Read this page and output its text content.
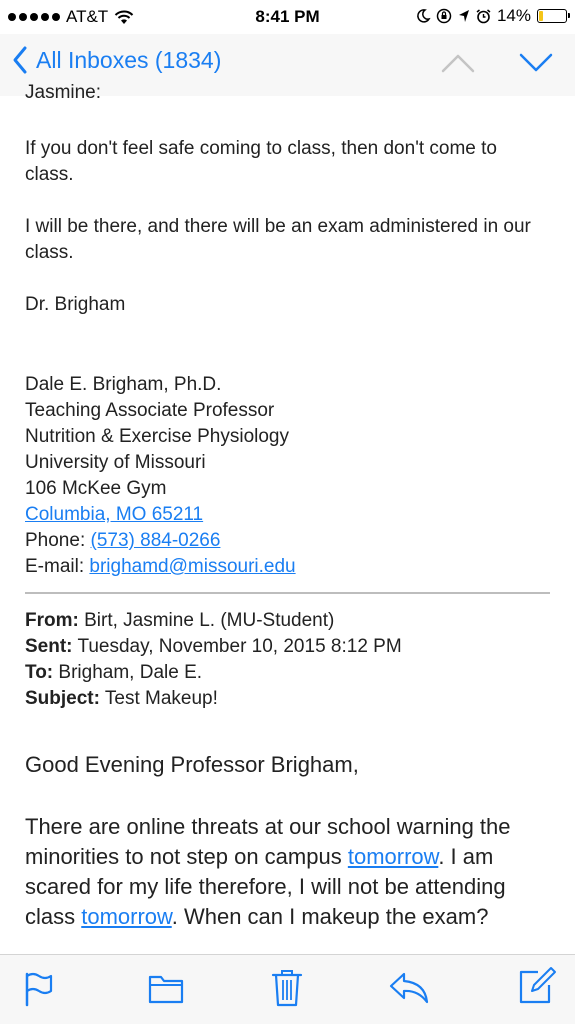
AT&T	8:41 PM	14%
All Inboxes (1834)
Jasmine:
If you don't feel safe coming to class, then don't come to class.
I will be there, and there will be an exam administered in our class.
Dr. Brigham
Dale E. Brigham, Ph.D.
Teaching Associate Professor
Nutrition & Exercise Physiology
University of Missouri
106 McKee Gym
Columbia, MO 65211
Phone: (573) 884-0266
E-mail: brighamd@missouri.edu
From: Birt, Jasmine L. (MU-Student)
Sent: Tuesday, November 10, 2015 8:12 PM
To: Brigham, Dale E.
Subject: Test Makeup!
Good Evening Professor Brigham,
There are online threats at our school warning the minorities to not step on campus tomorrow. I am scared for my life therefore, I will not be attending class tomorrow. When can I makeup the exam?
